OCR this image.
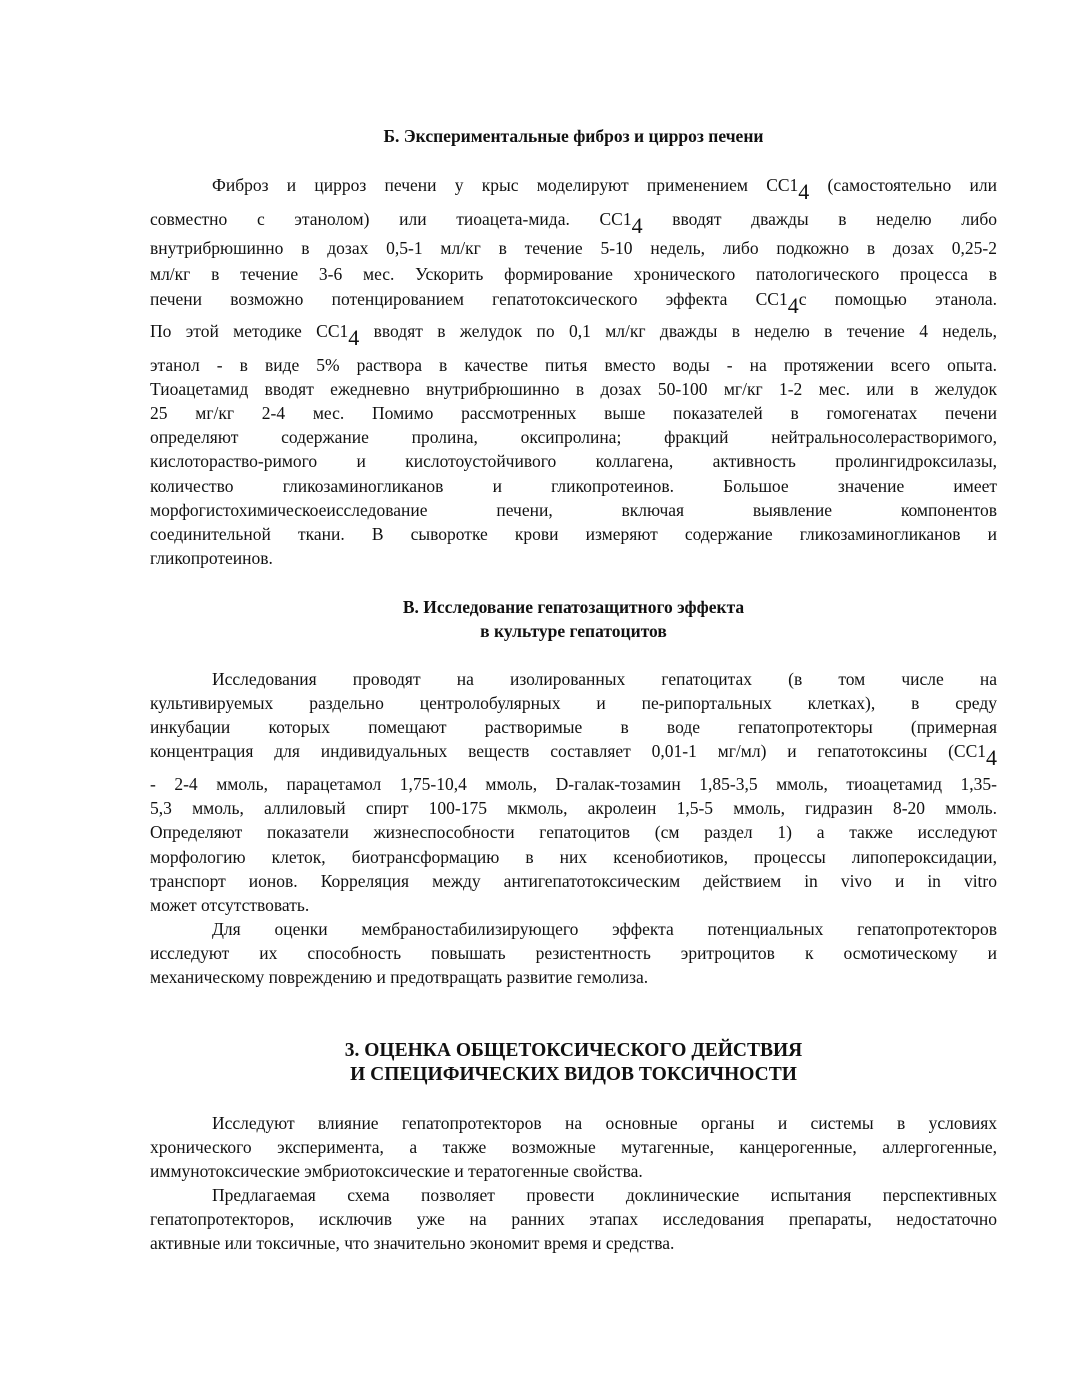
Б. Экспериментальные фиброз и цирроз печени
Фиброз и цирроз печени у крыс моделируют применением $СС1_4$ (самостоятельно или
совместно с этанолом) или тиоацета-мида. $СС1_4$ вводят дважды в неделю либо
внутрибрюшинно в дозах 0,5-1 мл/кг в течение 5-10 недель, либо подкожно в дозах 0,25-2
мл/кг в течение 3-6 мес. Ускорить формирование хронического патологического процесса в
печени возможно потенцированием гепатотоксического эффекта $СС1_4с$ помощью этанола.
По этой методике $СС1_4$ вводят в желудок по 0,1 мл/кг дважды в неделю в течение 4 недель,
этанол - в виде 5% раствора в качестве питья вместо воды - на протяжении всего опыта.
Тиоацетамид вводят ежедневно внутрибрюшинно в дозах 50-100 мг/кг 1-2 мес. или в желудок
25 мг/кг 2-4 мес. Помимо рассмотренных выше показателей в гомогенатах печени
определяют содержание пролина, оксипролина; фракций нейтральносолерастворимого,
кислотораство-римого и кислотоустойчивого коллагена, активность пролингидроксилазы,
количество гликозаминогликанов и гликопротеинов. Большое значение имеет
морфогистохимическоеисследование печени, включая выявление компонентов
соединительной ткани. В сыворотке крови измеряют содержание гликозаминогликанов и
гликопротеинов.
В. Исследование гепатозащитного эффекта
в культуре гепатоцитов
Исследования проводят на изолированных гепатоцитах (в том числе на
культивируемых раздельно центролобулярных и пе-рипортальных клетках), в среду
инкубации которых помещают растворимые в воде гепатопротекторы (примерная
концентрация для индивидуальных веществ составляет 0,01-1 мг/мл) и гепатотоксины ($СС1_4$
- 2-4 ммоль, парацетамол 1,75-10,4 ммоль, D-галак-тозамин 1,85-3,5 ммоль, тиоацетамид 1,35-
5,3 ммоль, аллиловый спирт 100-175 мкмоль, акролеин 1,5-5 ммоль, гидразин 8-20 ммоль.
Определяют показатели жизнеспособности гепатоцитов (см раздел 1) а также исследуют
морфологию клеток, биотрансформацию в них ксенобиотиков, процессы липопероксидации,
транспорт ионов. Корреляция между антигепатотоксическим действием in vivo и in vitro
может отсутствовать.
Для оценки мембраностабилизирующего эффекта потенциальных гепатопротекторов
исследуют их способность повышать резистентность эритроцитов к осмотическому и
механическому повреждению и предотвращать развитие гемолиза.
3. ОЦЕНКА ОБЩЕТОКСИЧЕСКОГО ДЕЙСТВИЯ
И СПЕЦИФИЧЕСКИХ ВИДОВ ТОКСИЧНОСТИ
Исследуют влияние гепатопротекторов на основные органы и системы в условиях
хронического эксперимента, а также возможные мутагенные, канцерогенные, аллергогенные,
иммунотоксические эмбриотоксические и тератогенные свойства.
Предлагаемая схема позволяет провести доклинические испытания перспективных
гепатопротекторов, исключив уже на ранних этапах исследования препараты, недостаточно
активные или токсичные, что значительно экономит время и средства.
